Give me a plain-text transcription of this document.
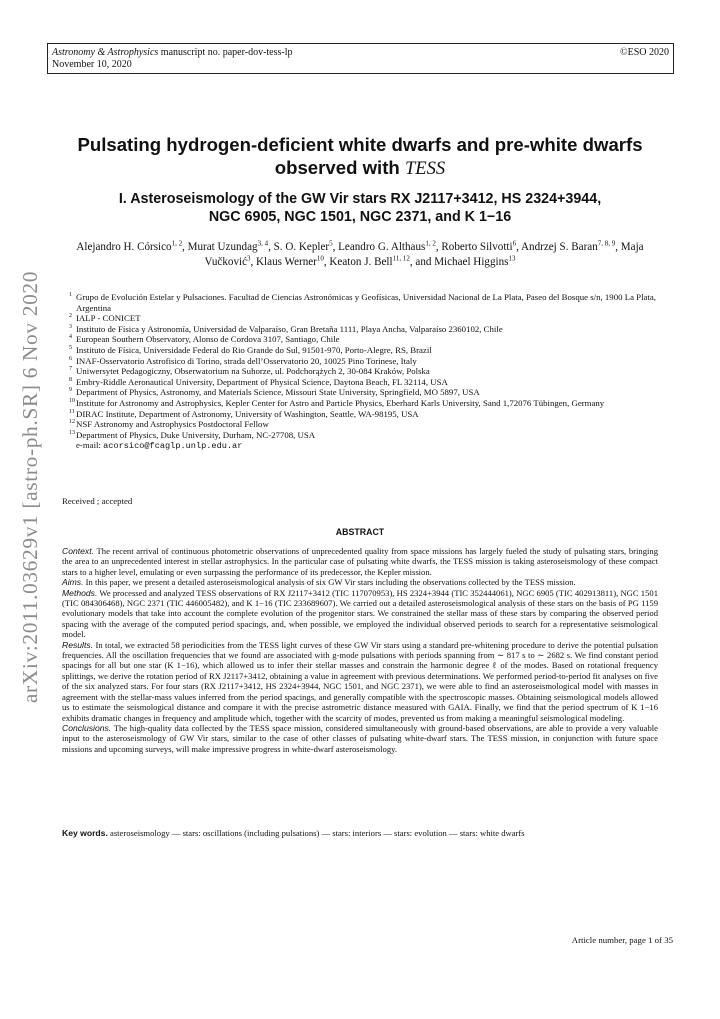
Astronomy & Astrophysics manuscript no. paper-dov-tess-lp
November 10, 2020
©ESO 2020
arXiv:2011.03629v1 [astro-ph.SR] 6 Nov 2020
Pulsating hydrogen-deficient white dwarfs and pre-white dwarfs
observed with TESS
I. Asteroseismology of the GW Vir stars RX J2117+3412, HS 2324+3944,
NGC 6905, NGC 1501, NGC 2371, and K 1−16
Alejandro H. Córsico$^{1, 2}$, Murat Uzundag$^{3, 4}$, S. O. Kepler$^5$, Leandro G. Althaus$^{1, 2}$, Roberto Silvotti$^6$, Andrzej S. Baran$^{7, 8, 9}$, Maja Vučković$^3$, Klaus Werner$^{10}$, Keaton J. Bell$^{11, 12}$, and Michael Higgins$^{13}$
1 Grupo de Evolución Estelar y Pulsaciones. Facultad de Ciencias Astronómicas y Geofísicas, Universidad Nacional de La Plata, Paseo del Bosque s/n, 1900 La Plata, Argentina
2 IALP - CONICET
3 Instituto de Física y Astronomía, Universidad de Valparaíso, Gran Bretaña 1111, Playa Ancha, Valparaíso 2360102, Chile
4 European Southern Observatory, Alonso de Cordova 3107, Santiago, Chile
5 Instituto de Física, Universidade Federal do Rio Grande do Sul, 91501-970, Porto-Alegre, RS, Brazil
6 INAF-Osservatorio Astrofisico di Torino, strada dell’Osservatorio 20, 10025 Pino Torinese, Italy
7 Uniwersytet Pedagogiczny, Obserwatorium na Suhorze, ul. Podchorążych 2, 30-084 Kraków, Polska
8 Embry-Riddle Aeronautical University, Department of Physical Science, Daytona Beach, FL 32114, USA
9 Department of Physics, Astronomy, and Materials Science, Missouri State University, Springfield, MO 5897, USA
10 Institute for Astronomy and Astrophysics, Kepler Center for Astro and Particle Physics, Eberhard Karls University, Sand 1,72076 Tübingen, Germany
11 DIRAC Institute, Department of Astronomy, University of Washington, Seattle, WA-98195, USA
12 NSF Astronomy and Astrophysics Postdoctoral Fellow
13 Department of Physics, Duke University, Durham, NC-27708, USA
e-mail: acorsico@fcaglp.unlp.edu.ar
Received ; accepted
ABSTRACT

Context. The recent arrival of continuous photometric observations of unprecedented quality from space missions has largely fueled the study of pulsating stars, bringing the area to an unprecedented interest in stellar astrophysics. In the particular case of pulsating white dwarfs, the TESS mission is taking asteroseismology of these compact stars to a higher level, emulating or even surpassing the performance of its predecessor, the Kepler mission.

Aims. In this paper, we present a detailed asteroseismological analysis of six GW Vir stars including the observations collected by the TESS mission.

Methods. We processed and analyzed TESS observations of RX J2117+3412 (TIC 117070953), HS 2324+3944 (TIC 352444061), NGC 6905 (TIC 402913811), NGC 1501 (TIC 084306468), NGC 2371 (TIC 446005482), and K 1−16 (TIC 233689607). We carried out a detailed asteroseismological analysis of these stars on the basis of PG 1159 evolutionary models that take into account the complete evolution of the progenitor stars. We constrained the stellar mass of these stars by comparing the observed period spacing with the average of the computed period spacings, and, when possible, we employed the individual observed periods to search for a representative seismological model.

Results. In total, we extracted 58 periodicities from the TESS light curves of these GW Vir stars using a standard pre-whitening procedure to derive the potential pulsation frequencies. All the oscillation frequencies that we found are associated with g-mode pulsations with periods spanning from ∼ 817 s to ∼ 2682 s. We find constant period spacings for all but one star (K 1−16), which allowed us to infer their stellar masses and constrain the harmonic degree ℓ of the modes. Based on rotational frequency splittings, we derive the rotation period of RX J2117+3412, obtaining a value in agreement with previous determinations. We performed period-to-period fit analyses on five of the six analyzed stars. For four stars (RX J2117+3412, HS 2324+3944, NGC 1501, and NGC 2371), we were able to find an asteroseismological model with masses in agreement with the stellar-mass values inferred from the period spacings, and generally compatible with the spectroscopic masses. Obtaining seismological models allowed us to estimate the seismological distance and compare it with the precise astrometric distance measured with GAIA. Finally, we find that the period spectrum of K 1−16 exhibits dramatic changes in frequency and amplitude which, together with the scarcity of modes, prevented us from making a meaningful seismological modeling.

Conclusions. The high-quality data collected by the TESS space mission, considered simultaneously with ground-based observations, are able to provide a very valuable input to the asteroseismology of GW Vir stars, similar to the case of other classes of pulsating white-dwarf stars. The TESS mission, in conjunction with future space missions and upcoming surveys, will make impressive progress in white-dwarf asteroseismology.

Key words. asteroseismology — stars: oscillations (including pulsations) — stars: interiors — stars: evolution — stars: white dwarfs
Article number, page 1 of 35
